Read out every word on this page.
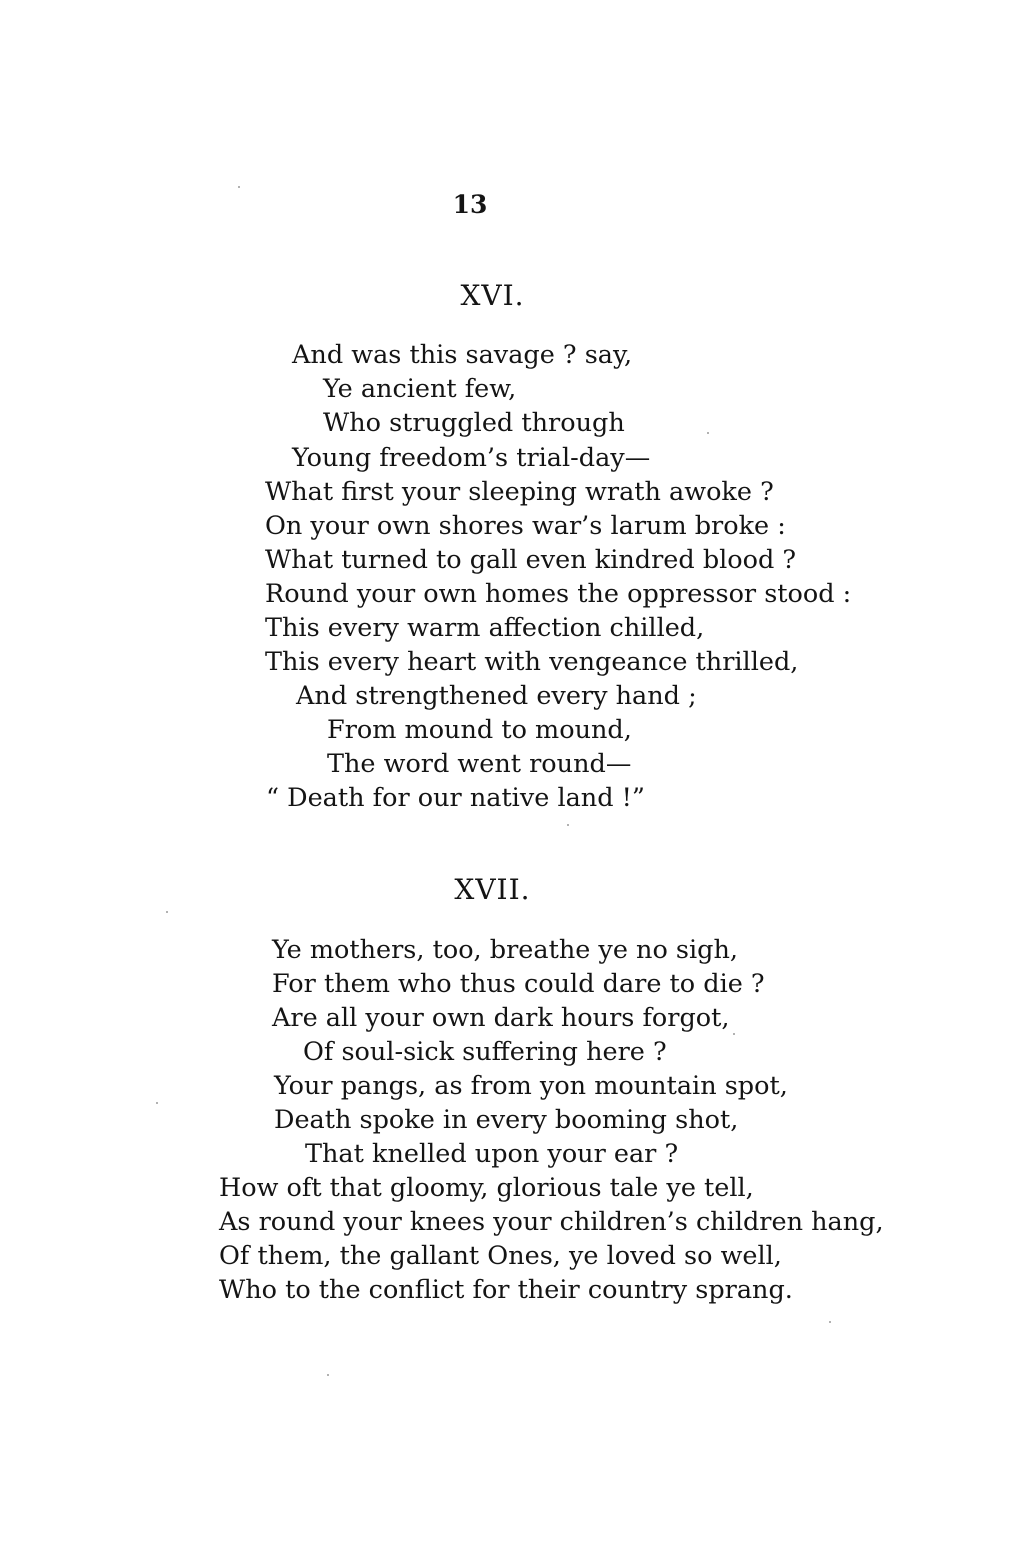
13
XVI.
And was this savage ? say,
Ye ancient few,
Who struggled through
Young freedom’s trial-day—
What first your sleeping wrath awoke ?
On your own shores war’s larum broke :
What turned to gall even kindred blood ?
Round your own homes the oppressor stood :
This every warm affection chilled,
This every heart with vengeance thrilled,
And strengthened every hand ;
From mound to mound,
The word went round—
“ Death for our native land !”
XVII.
Ye mothers, too, breathe ye no sigh,
For them who thus could dare to die ?
Are all your own dark hours forgot,
Of soul-sick suffering here ?
Your pangs, as from yon mountain spot,
Death spoke in every booming shot,
That knelled upon your ear ?
How oft that gloomy, glorious tale ye tell,
As round your knees your children’s children hang,
Of them, the gallant Ones, ye loved so well,
Who to the conflict for their country sprang.
